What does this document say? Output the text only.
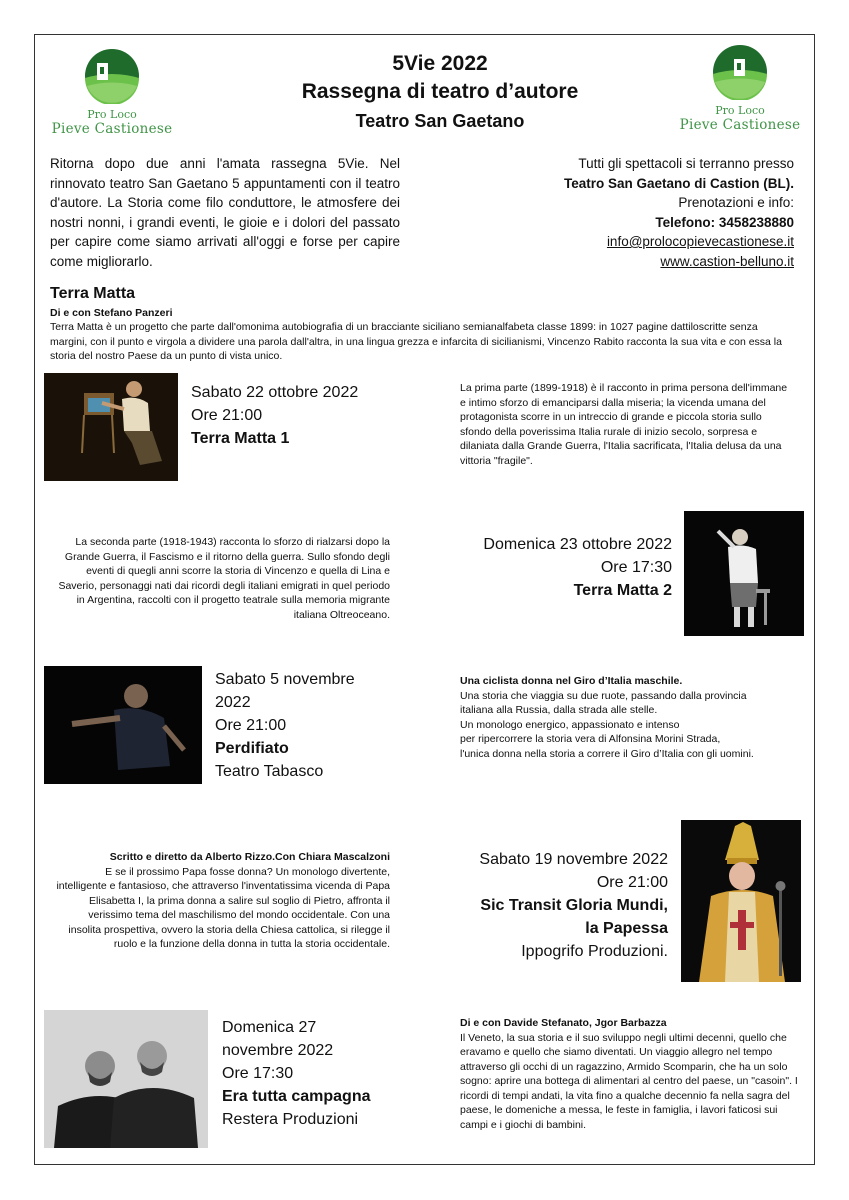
Pro Loco
Pieve Castionese
Pro Loco
Pieve Castionese
5Vie 2022
Rassegna di teatro d’autore
Teatro San Gaetano
Ritorna dopo due anni l'amata rassegna 5Vie. Nel rinnovato teatro San Gaetano 5 appuntamenti con il teatro d'autore. La Storia come filo conduttore, le atmosfere dei nostri nonni, i grandi eventi, le gioie e i dolori del passato per capire come siamo arrivati all'oggi e forse per capire come migliorarlo.
Tutti gli spettacoli si terranno presso
Teatro San Gaetano di Castion (BL).
Prenotazioni e info:
Telefono: 3458238880
info@prolocopievecastionese.it
www.castion-belluno.it
Terra Matta
Di e con Stefano Panzeri
Terra Matta è un progetto che parte dall'omonima autobiografia di un bracciante siciliano semianalfabeta classe 1899: in 1027 pagine dattiloscritte senza margini, con il punto e virgola a dividere una parola dall'altra, in una lingua grezza e infarcita di sicilianismi, Vincenzo Rabito racconta la sua vita e con essa la storia del nostro Paese da un punto di vista unico.
Sabato 22 ottobre 2022
Ore 21:00
Terra Matta 1
La prima parte (1899-1918) è il racconto in prima persona dell'immane e intimo sforzo di emanciparsi dalla miseria; la vicenda umana del protagonista scorre in un intreccio di grande e piccola storia sullo sfondo della poverissima Italia rurale di inizio secolo, sorpresa e dilaniata dalla Grande Guerra, l'Italia sacrificata, l'Italia delusa da una vittoria "fragile".
La seconda parte (1918-1943) racconta lo sforzo di rialzarsi dopo la Grande Guerra, il Fascismo e il ritorno della guerra. Sullo sfondo degli eventi di quegli anni scorre la storia di Vincenzo e quella di Lina e Saverio, personaggi nati dai ricordi degli italiani emigrati in quel periodo in Argentina, raccolti con il progetto teatrale sulla memoria migrante italiana Oltreoceano.
Domenica 23 ottobre 2022
Ore 17:30
Terra Matta 2
Sabato 5 novembre
2022
Ore 21:00
Perdifiato
Teatro Tabasco
Una ciclista donna nel Giro d’Italia maschile.
Una storia che viaggia su due ruote, passando dalla provincia
italiana alla Russia, dalla strada alle stelle.
Un monologo energico, appassionato e intenso
per ripercorrere la storia vera di Alfonsina Morini Strada,
l'unica donna nella storia a correre il Giro d’Italia con gli uomini.
Scritto e diretto da Alberto Rizzo.Con Chiara Mascalzoni
E se il prossimo Papa fosse donna? Un monologo divertente, intelligente e fantasioso, che attraverso l'inventatissima vicenda di Papa Elisabetta I, la prima donna a salire sul soglio di Pietro, affronta il verissimo tema del maschilismo del mondo occidentale. Con una insolita prospettiva, ovvero la storia della Chiesa cattolica, si rilegge il ruolo e la funzione della donna in tutta la storia occidentale.
Sabato 19 novembre 2022
Ore 21:00
Sic Transit Gloria Mundi,
la Papessa
Ippogrifo Produzioni.
Domenica 27
novembre 2022
Ore 17:30
Era tutta campagna
Restera Produzioni
Di e con Davide Stefanato, Jgor Barbazza
Il Veneto, la sua storia e il suo sviluppo negli ultimi decenni, quello che eravamo e quello che siamo diventati. Un viaggio allegro nel tempo attraverso gli occhi di un ragazzino, Armido Scomparin, che ha un solo sogno: aprire una bottega di alimentari al centro del paese, un "casoin". I ricordi di tempi andati, la vita fino a qualche decennio fa nella sagra del paese, le domeniche a messa, le feste in famiglia, i lavori faticosi sui campi e i giochi di bambini.
